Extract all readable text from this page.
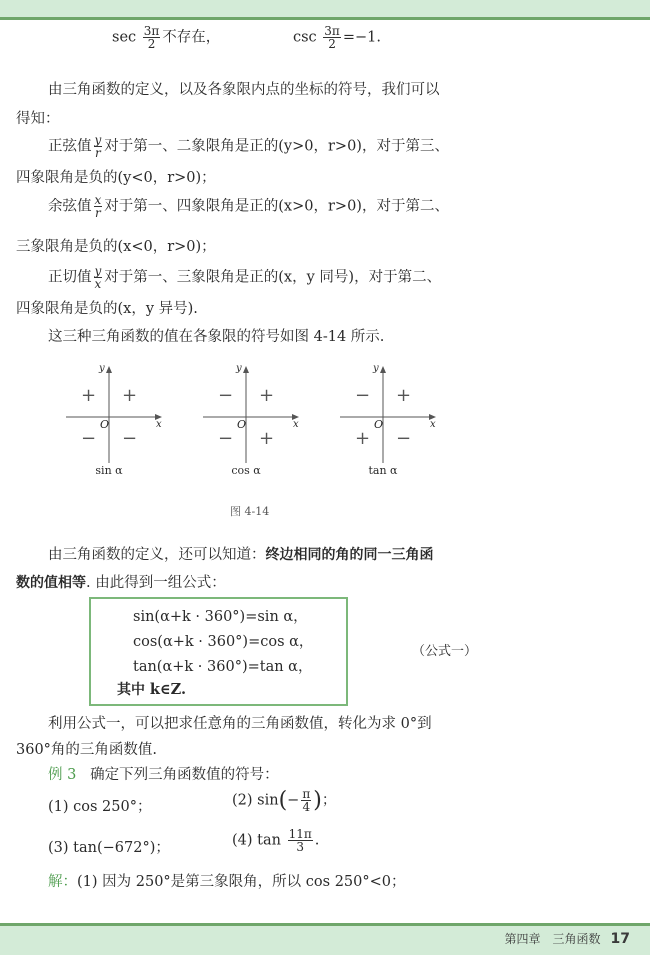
$\sec \frac{3\pi}{2}$ 不存在，	$\csc \frac{3\pi}{2} =-1$.
由三角函数的定义，以及各象限内点的坐标的符号，我们可以
得知：
正弦值 $\frac{y}{r}$ 对于第一、二象限角是正的(y>0，r>0)，对于第三、
四象限角是负的(y<0，r>0)；
余弦值 $\frac{x}{r}$ 对于第一、四象限角是正的(x>0，r>0)，对于第二、
三象限角是负的(x<0，r>0)；
正切值 $\frac{y}{x}$ 对于第一、三象限角是正的(x，y 同号)，对于第二、
四象限角是负的(x，y 异号).
这三种三角函数的值在各象限的符号如图 4-14 所示.
y
x
O
+ +
− −
sin α
y
x
O
− +
− +
cos α
y
x
O
− +
+ −
tan α
图 4-14
由三角函数的定义，还可以知道：终边相同的角的同一三角函
数的值相等. 由此得到一组公式：
sin(α+k · 360°)=sin α，
cos(α+k · 360°)=cos α，
tan(α+k · 360°)=tan α，
其中 k∈Z.
（公式一）
利用公式一，可以把求任意角的三角函数值，转化为求 0°到
360°角的三角函数值.
例 3 确定下列三角函数值的符号：
(1) cos 250°；	(2) $\sin(- \frac{\pi}{4}$ )；
(3) tan(−672°)；	(4) $\tan \frac{11\pi}{3}$ .
解：(1) 因为 250°是第三象限角，所以 cos 250°<0；
第四章　三角函数 17
